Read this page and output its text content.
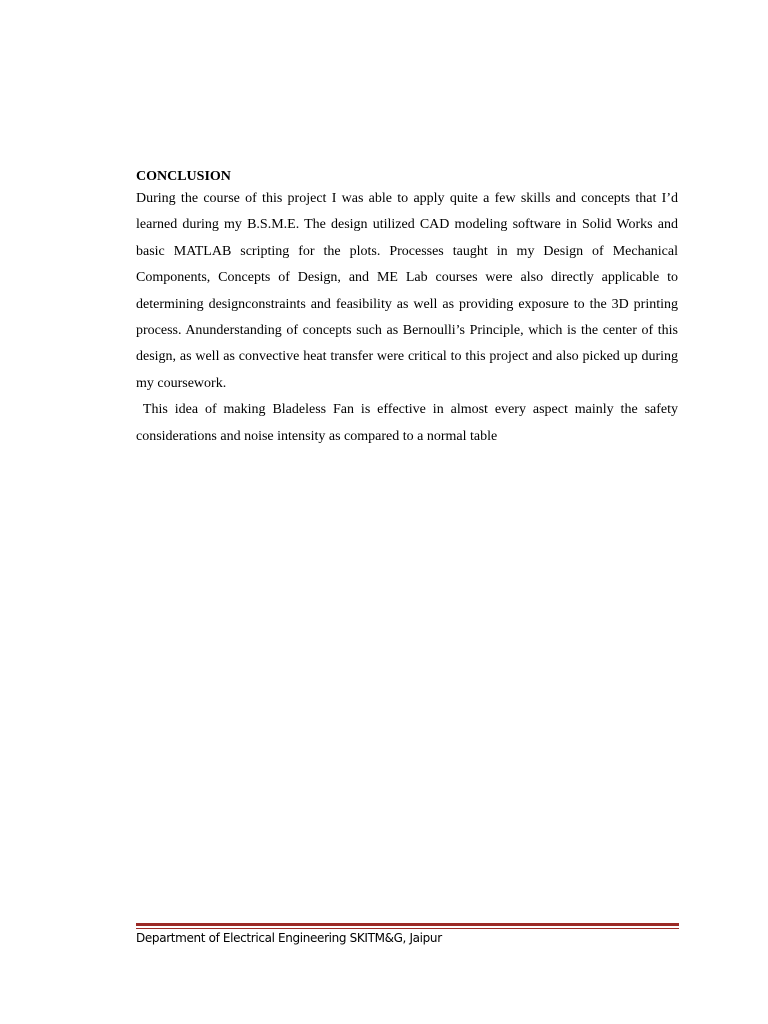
CONCLUSION

During the course of this project I was able to apply quite a few skills and concepts that I’d learned during my B.S.M.E. The design utilized CAD modeling software in Solid Works and basic MATLAB scripting for the plots. Processes taught in my Design of Mechanical Components, Concepts of Design, and ME Lab courses were also directly applicable to determining designconstraints and feasibility as well as providing exposure to the 3D printing process. Anunderstanding of concepts such as Bernoulli’s Principle, which is the center of this design, as well as convective heat transfer were critical to this project and also picked up during my coursework.

This idea of making Bladeless Fan is effective in almost every aspect mainly the safety considerations and noise intensity as compared to a normal table

Department of Electrical Engineering SKITM&G, Jaipur
